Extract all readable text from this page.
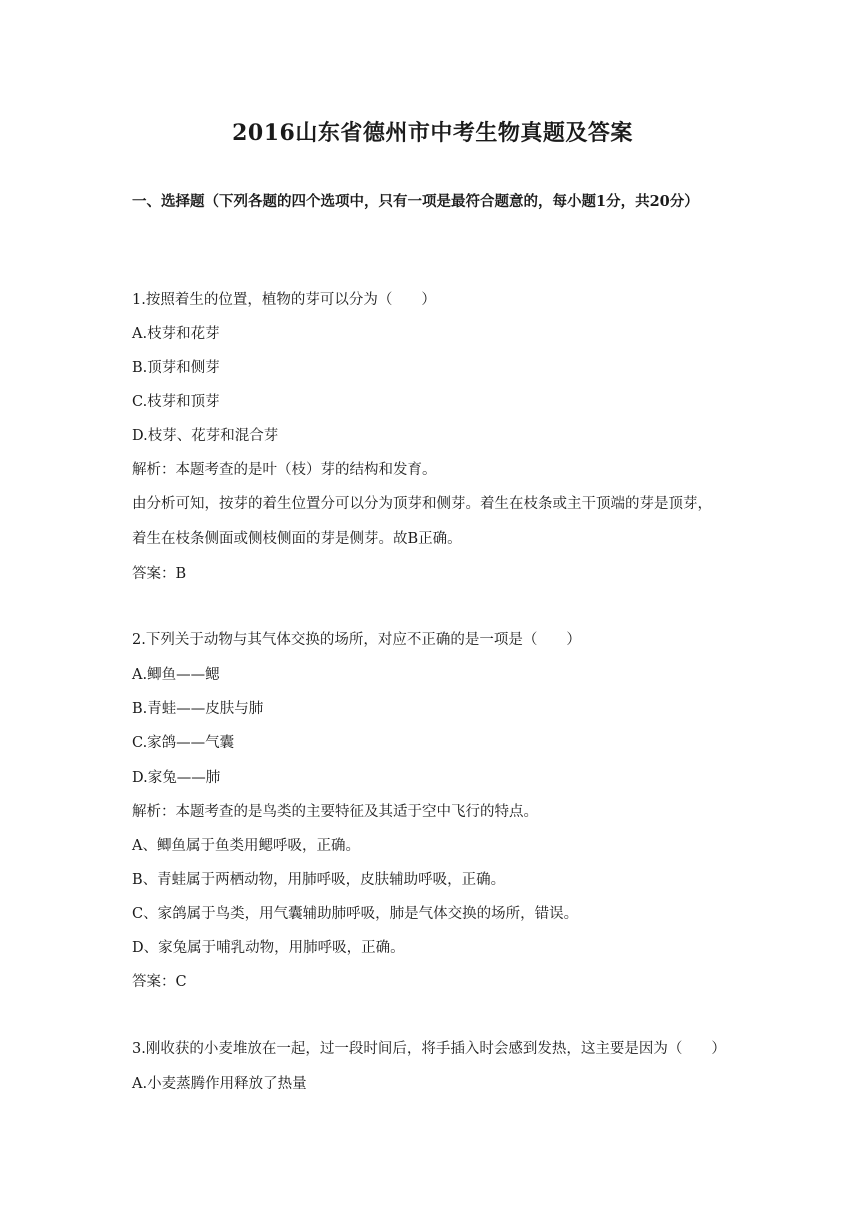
2016山东省德州市中考生物真题及答案
一、选择题（下列各题的四个选项中，只有一项是最符合题意的，每小题1分，共20分）
1.按照着生的位置，植物的芽可以分为（　　）
A.枝芽和花芽
B.顶芽和侧芽
C.枝芽和顶芽
D.枝芽、花芽和混合芽
解析：本题考查的是叶（枝）芽的结构和发育。
由分析可知，按芽的着生位置分可以分为顶芽和侧芽。着生在枝条或主干顶端的芽是顶芽，
着生在枝条侧面或侧枝侧面的芽是侧芽。故B正确。
答案：B
2.下列关于动物与其气体交换的场所，对应不正确的是一项是（　　）
A.鲫鱼——鳃
B.青蛙——皮肤与肺
C.家鸽——气囊
D.家兔——肺
解析：本题考查的是鸟类的主要特征及其适于空中飞行的特点。
A、鲫鱼属于鱼类用鳃呼吸，正确。
B、青蛙属于两栖动物，用肺呼吸，皮肤辅助呼吸，正确。
C、家鸽属于鸟类，用气囊辅助肺呼吸，肺是气体交换的场所，错误。
D、家兔属于哺乳动物，用肺呼吸，正确。
答案：C
3.刚收获的小麦堆放在一起，过一段时间后，将手插入时会感到发热，这主要是因为（　　）
A.小麦蒸腾作用释放了热量
